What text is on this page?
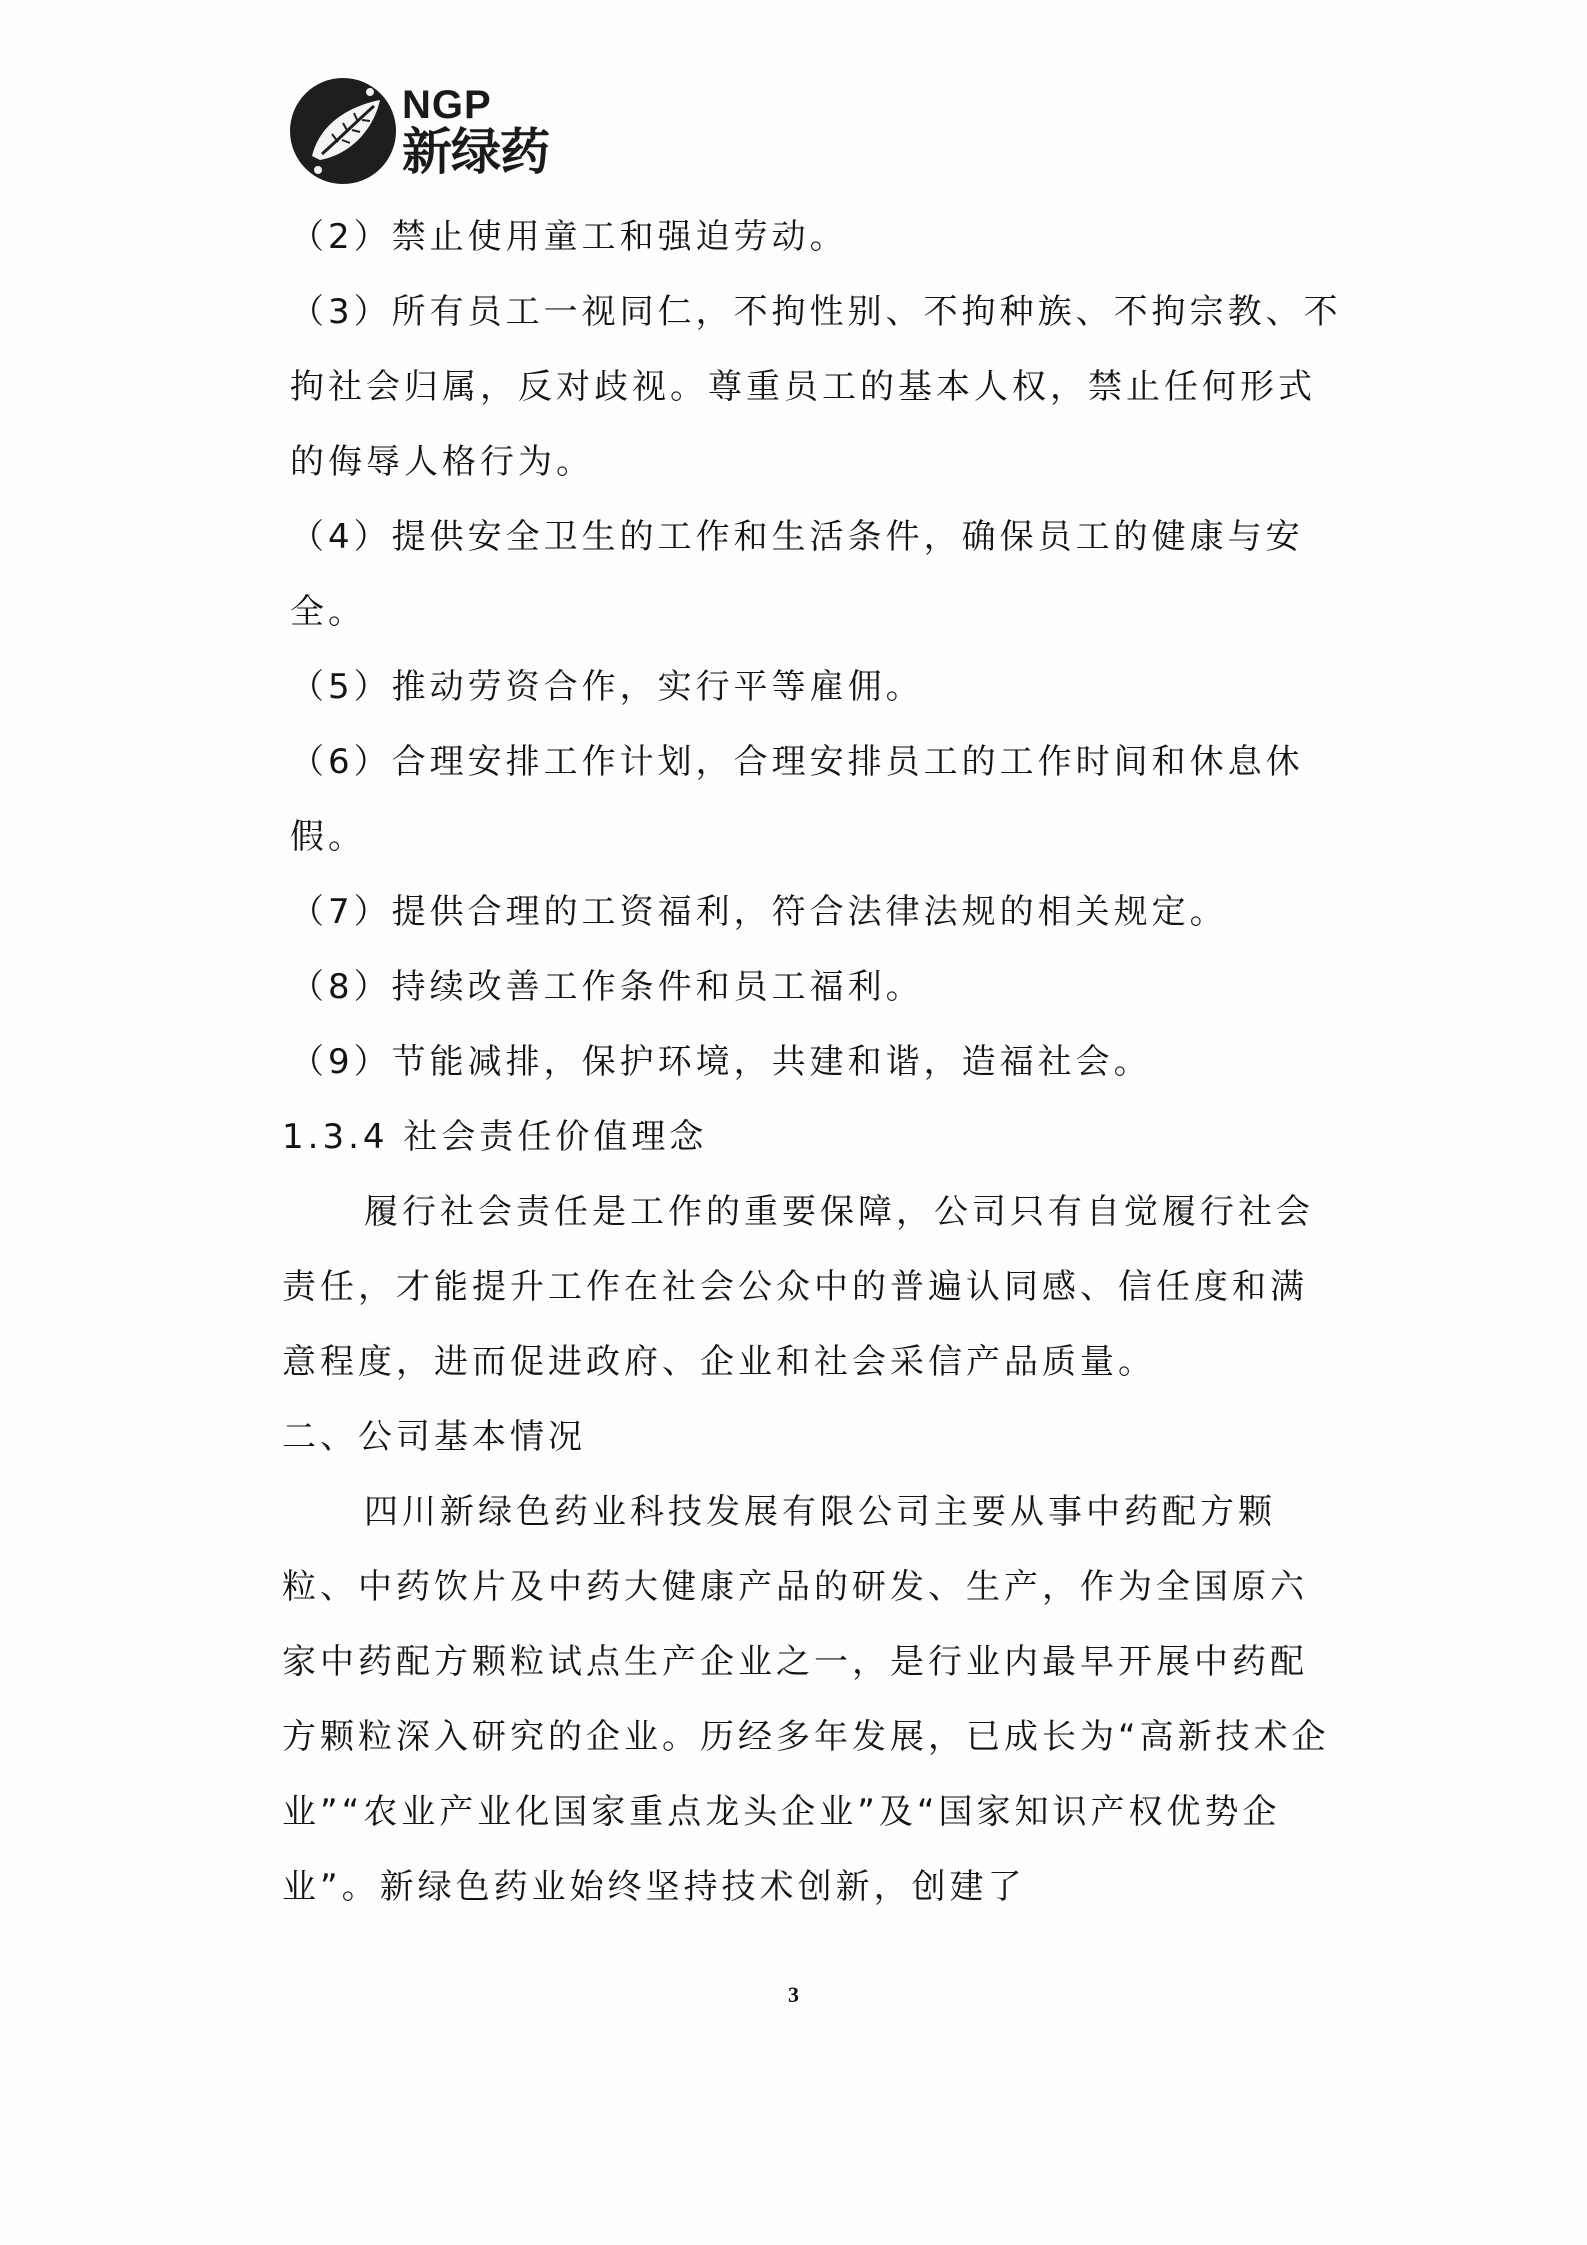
NGP
新绿药

（2）禁止使用童工和强迫劳动。

（3）所有员工一视同仁，不拘性别、不拘种族、不拘宗教、不拘社会归属，反对歧视。尊重员工的基本人权，禁止任何形式的侮辱人格行为。

（4）提供安全卫生的工作和生活条件，确保员工的健康与安全。

（5）推动劳资合作，实行平等雇佣。

（6）合理安排工作计划，合理安排员工的工作时间和休息休假。

（7）提供合理的工资福利，符合法律法规的相关规定。

（8）持续改善工作条件和员工福利。

（9）节能减排，保护环境，共建和谐，造福社会。

1.3.4 社会责任价值理念

履行社会责任是工作的重要保障，公司只有自觉履行社会责任，才能提升工作在社会公众中的普遍认同感、信任度和满意程度，进而促进政府、企业和社会采信产品质量。

二、公司基本情况

四川新绿色药业科技发展有限公司主要从事中药配方颗粒、中药饮片及中药大健康产品的研发、生产，作为全国原六家中药配方颗粒试点生产企业之一，是行业内最早开展中药配方颗粒深入研究的企业。历经多年发展，已成长为“高新技术企业”“农业产业化国家重点龙头企业”及“国家知识产权优势企业”。新绿色药业始终坚持技术创新，创建了

3
